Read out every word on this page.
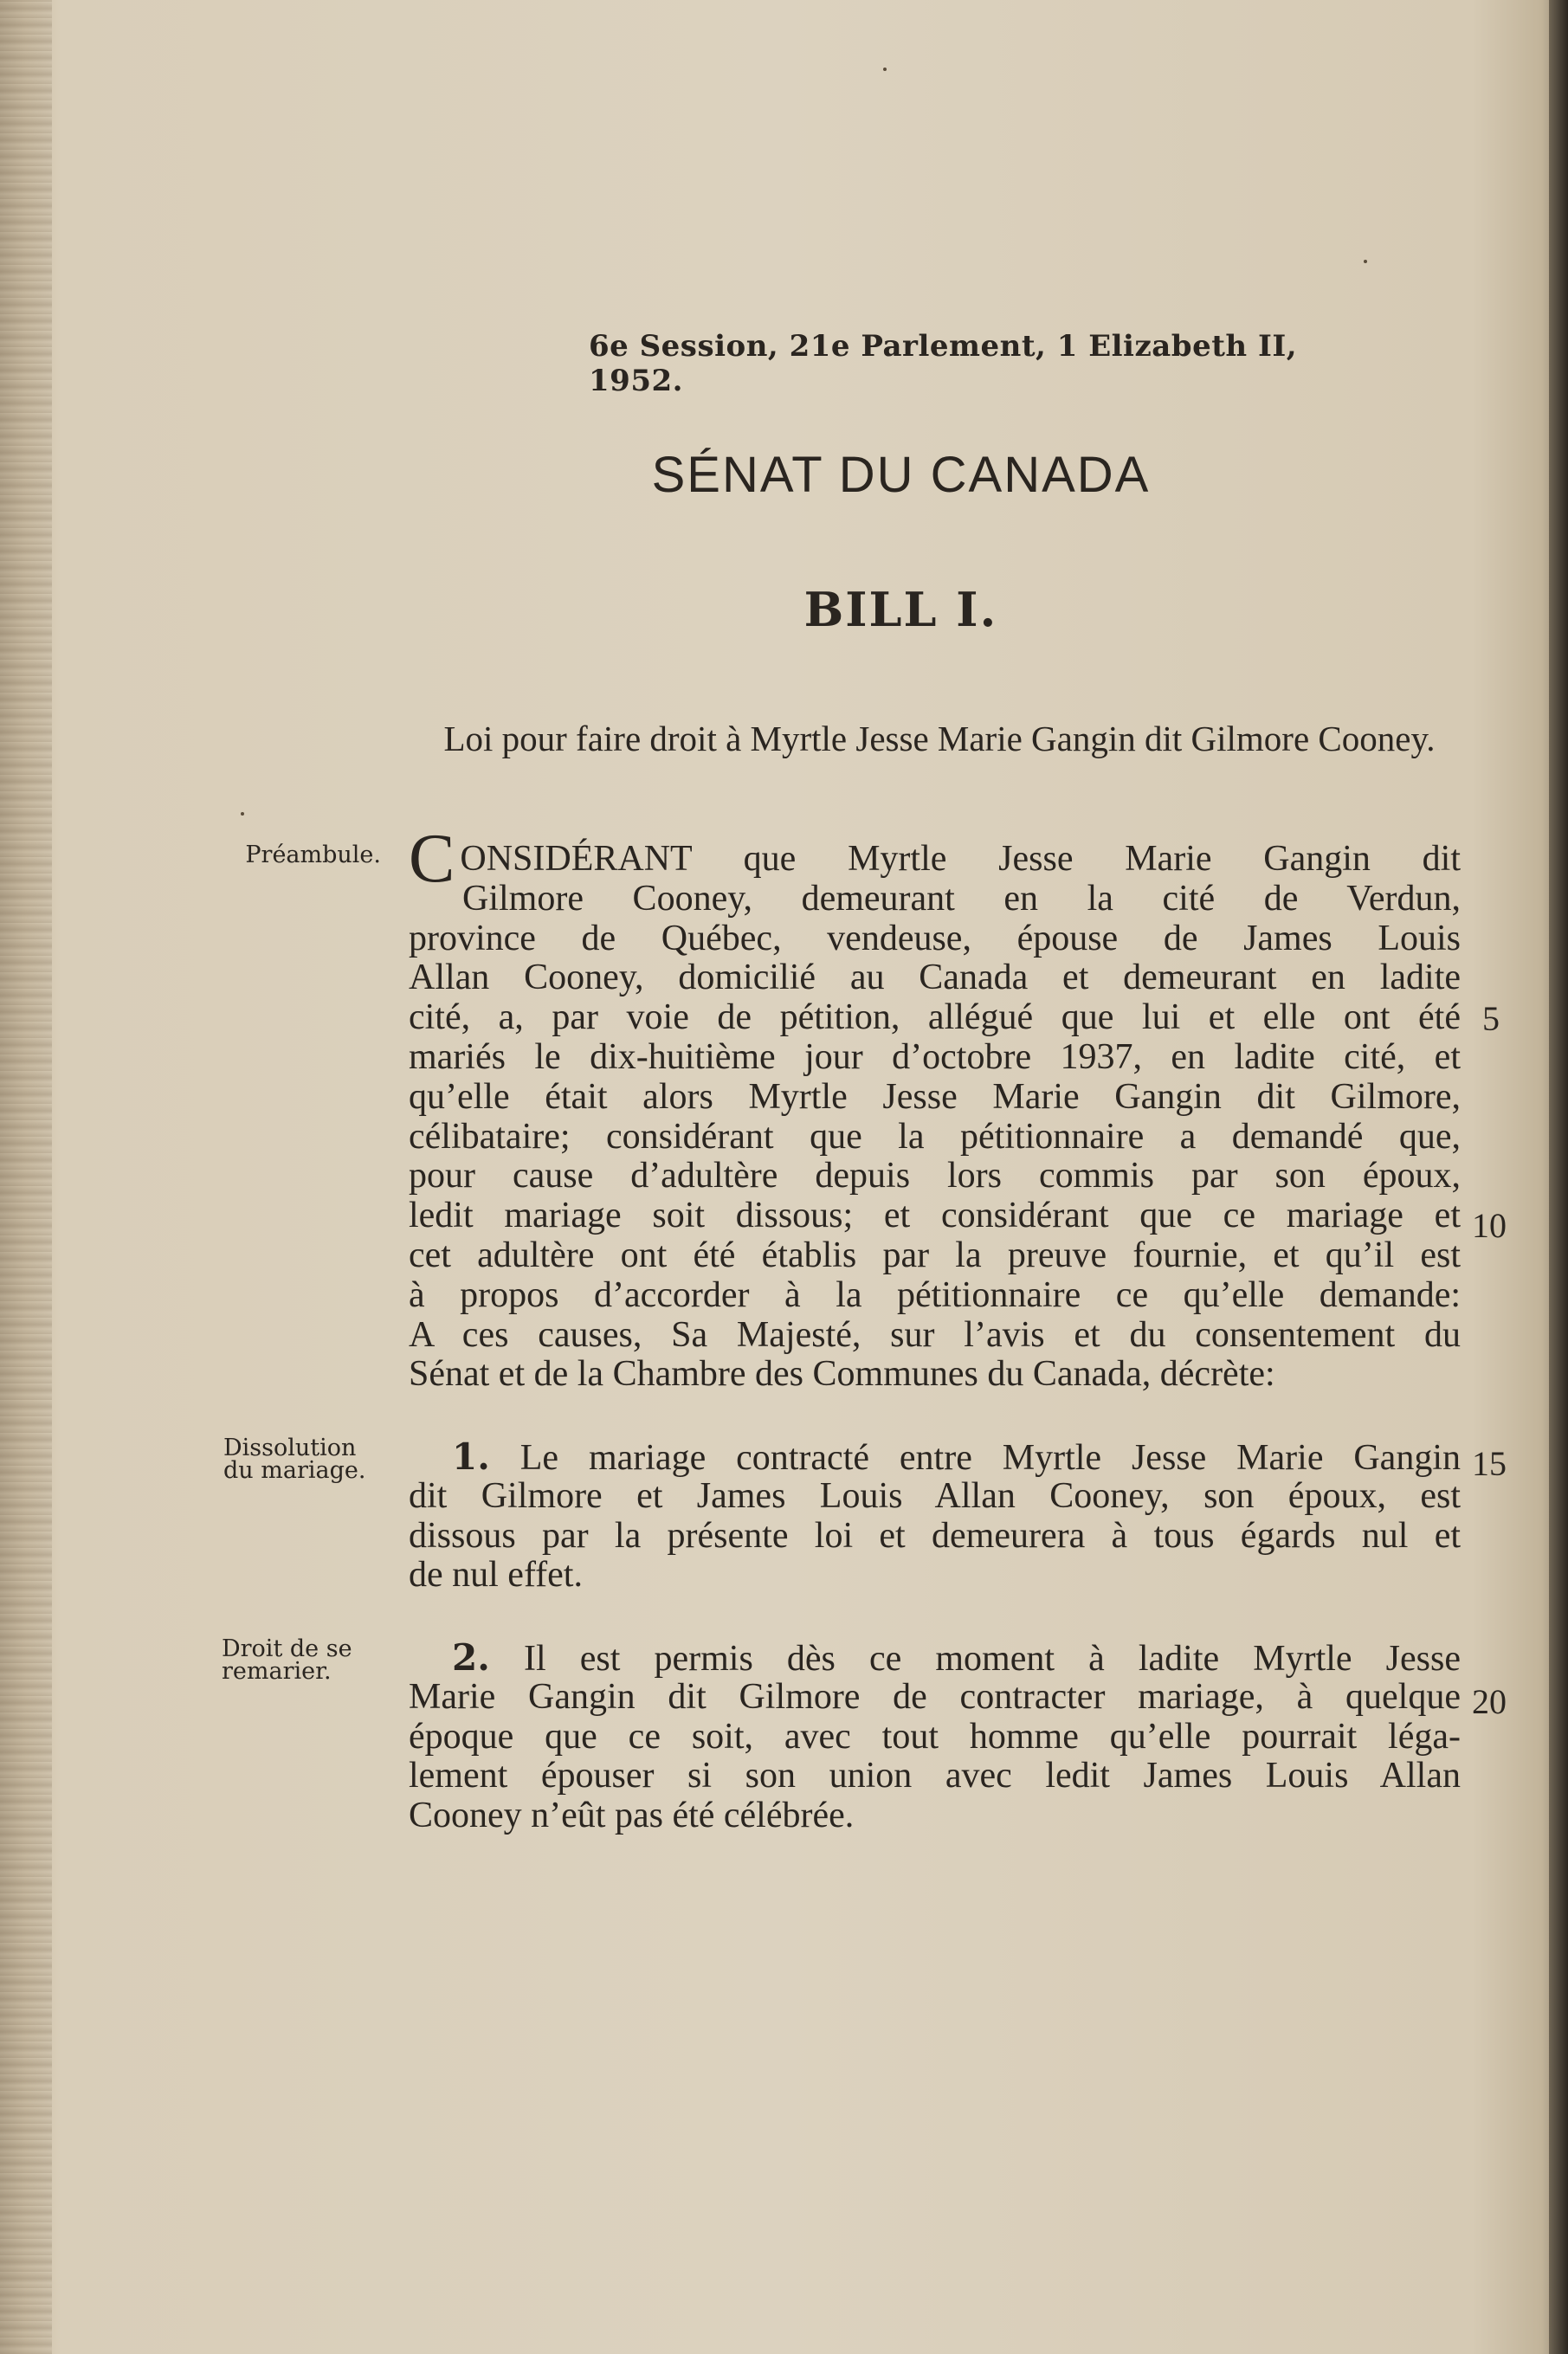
6e Session, 21e Parlement, 1 Elizabeth II, 1952.
SÉNAT DU CANADA
BILL I.
Loi pour faire droit à Myrtle Jesse Marie Gangin dit Gilmore Cooney.
Préambule.
Dissolution
du mariage.
Droit de se
remarier.
CONSIDÉRANT que Myrtle Jesse Marie Gangin dit
Gilmore Cooney, demeurant en la cité de Verdun,
province de Québec, vendeuse, épouse de James Louis
Allan Cooney, domicilié au Canada et demeurant en ladite
cité, a, par voie de pétition, allégué que lui et elle ont été
mariés le dix-huitième jour d’octobre 1937, en ladite cité, et
qu’elle était alors Myrtle Jesse Marie Gangin dit Gilmore,
célibataire; considérant que la pétitionnaire a demandé que,
pour cause d’adultère depuis lors commis par son époux,
ledit mariage soit dissous; et considérant que ce mariage et
cet adultère ont été établis par la preuve fournie, et qu’il est
à propos d’accorder à la pétitionnaire ce qu’elle demande:
A ces causes, Sa Majesté, sur l’avis et du consentement du
Sénat et de la Chambre des Communes du Canada, décrète:
1. Le mariage contracté entre Myrtle Jesse Marie Gangin
dit Gilmore et James Louis Allan Cooney, son époux, est
dissous par la présente loi et demeurera à tous égards nul et
de nul effet.
2. Il est permis dès ce moment à ladite Myrtle Jesse
Marie Gangin dit Gilmore de contracter mariage, à quelque
époque que ce soit, avec tout homme qu’elle pourrait léga-
lement épouser si son union avec ledit James Louis Allan
Cooney n’eût pas été célébrée.
5
10
15
20
